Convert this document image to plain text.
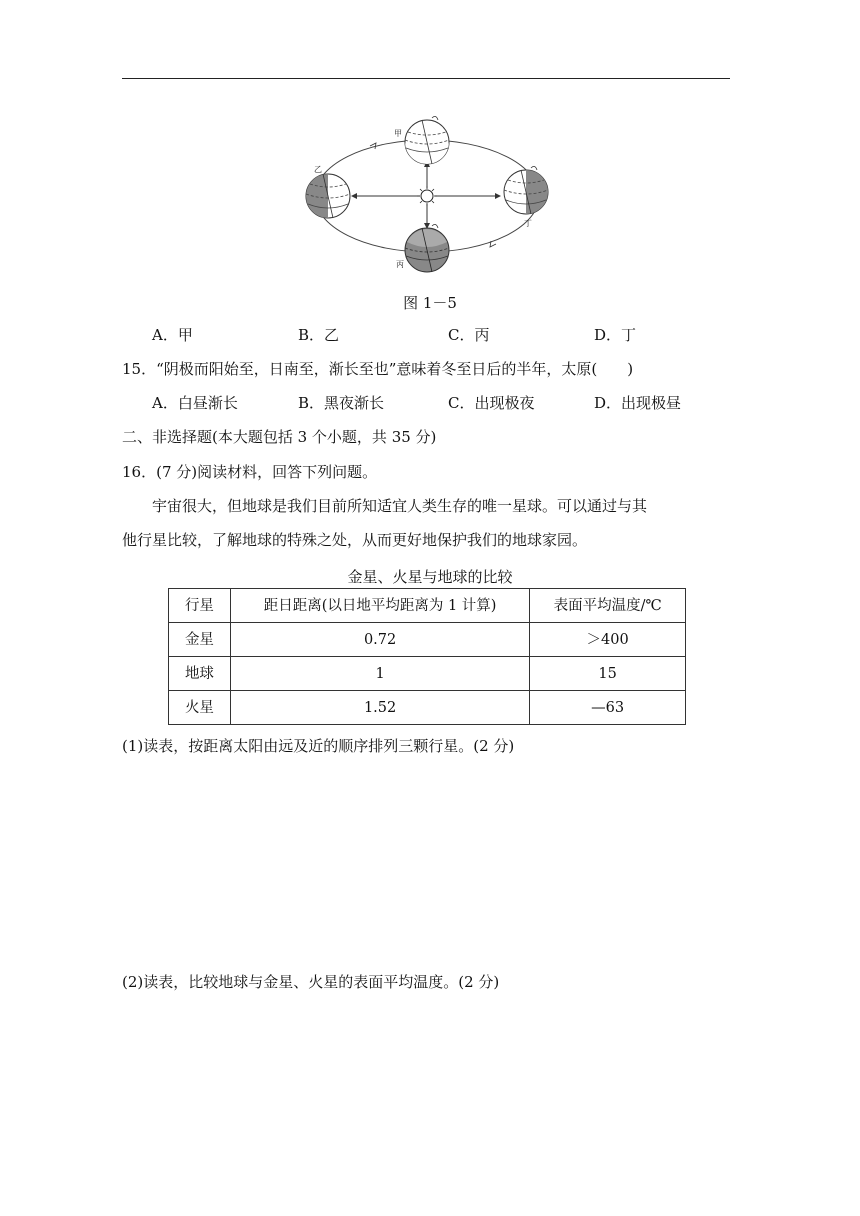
甲
乙
丙
丁
图 1－5
A．甲	B．乙	C．丙	D．丁
15．“阴极而阳始至，日南至，渐长至也”意味着冬至日后的半年，太原(　　)
A．白昼渐长	B．黑夜渐长	C．出现极夜	D．出现极昼
二、非选择题(本大题包括 3 个小题，共 35 分)
16．(7 分)阅读材料，回答下列问题。
宇宙很大，但地球是我们目前所知适宜人类生存的唯一星球。可以通过与其
他行星比较，了解地球的特殊之处，从而更好地保护我们的地球家园。
金星、火星与地球的比较
行星	距日距离(以日地平均距离为 1 计算)	表面平均温度/℃
金星	0.72	＞400
地球	1	15
火星	1.52	—63
(1)读表，按距离太阳由远及近的顺序排列三颗行星。(2 分)
(2)读表，比较地球与金星、火星的表面平均温度。(2 分)
